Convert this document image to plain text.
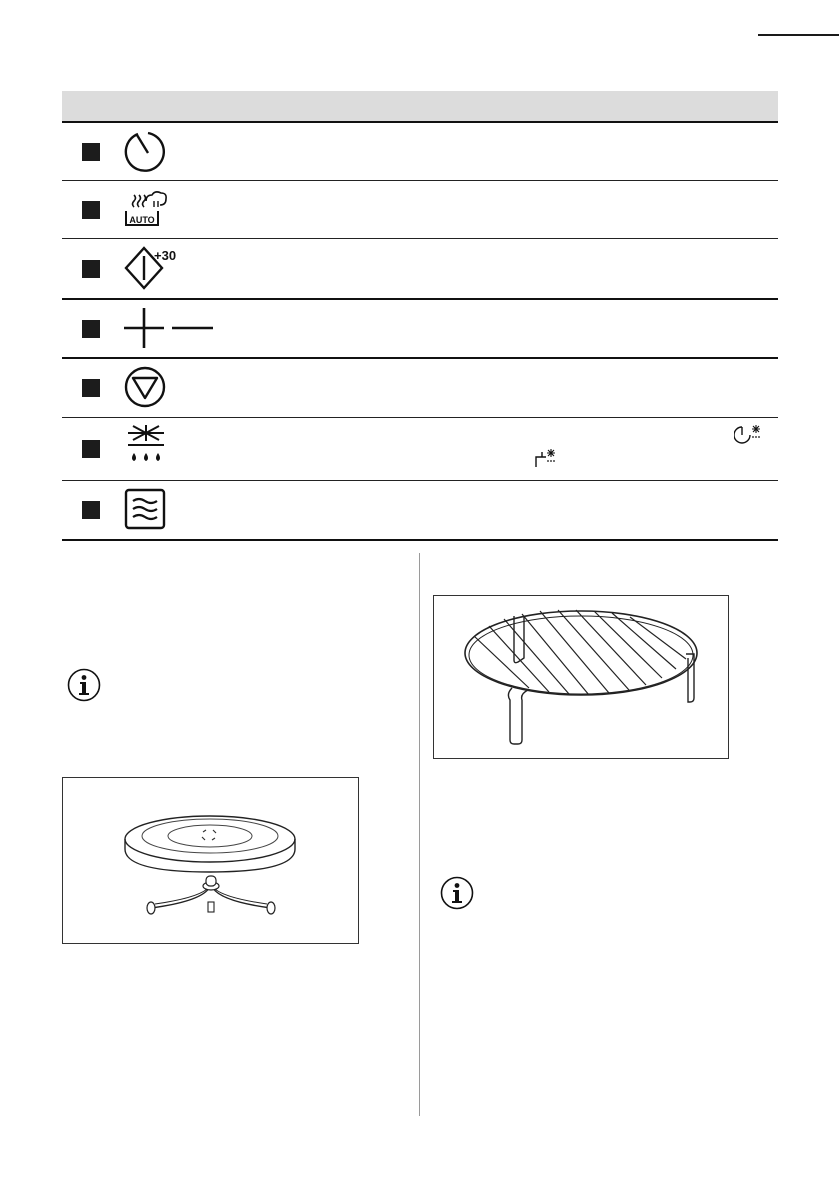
AUTO
+30
